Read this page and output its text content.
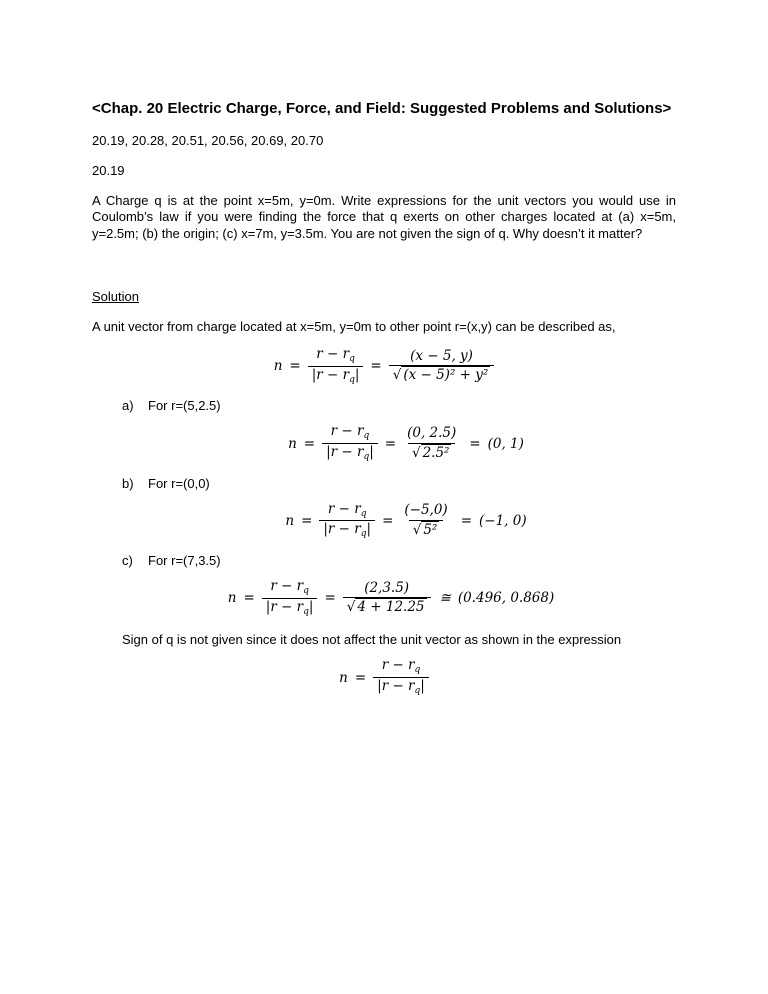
<Chap. 20 Electric Charge, Force, and Field: Suggested Problems and Solutions>
20.19, 20.28, 20.51, 20.56, 20.69, 20.70
20.19
A Charge q is at the point x=5m, y=0m. Write expressions for the unit vectors you would use in Coulomb’s law if you were finding the force that q exerts on other charges located at (a) x=5m, y=2.5m; (b) the origin; (c) x=7m, y=3.5m. You are not given the sign of q. Why doesn’t it matter?
Solution
A unit vector from charge located at x=5m, y=0m to other point r=(x,y) can be described as,
$n = \frac{r - r_q}{|r - r_q|} = \frac{(x - 5, y)}{\text{√ (x − 5)² + y²}}$
a)	For r=(5,2.5)
$n = \frac{r - r_q}{|r - r_q|} = \frac{(0, 2.5)}{\text{√ 2.5²}} = (0$, 1)
b)	For r=(0,0)
$n = \frac{r - r_q}{|r - r_q|} = \frac{(-5,0)}{\text{√ 5²}} = (-1$, 0)
c)	For r=(7,3.5)
$n = \frac{r - r_q}{|r - r_q|} = \frac{(2,3.5)}{√ 4 + 12.25}$ ≅ (0.496, 0.868)
Sign of q is not given since it does not affect the unit vector as shown in the expression
$n = \frac{r - r_q}{|r - r_q|}$
